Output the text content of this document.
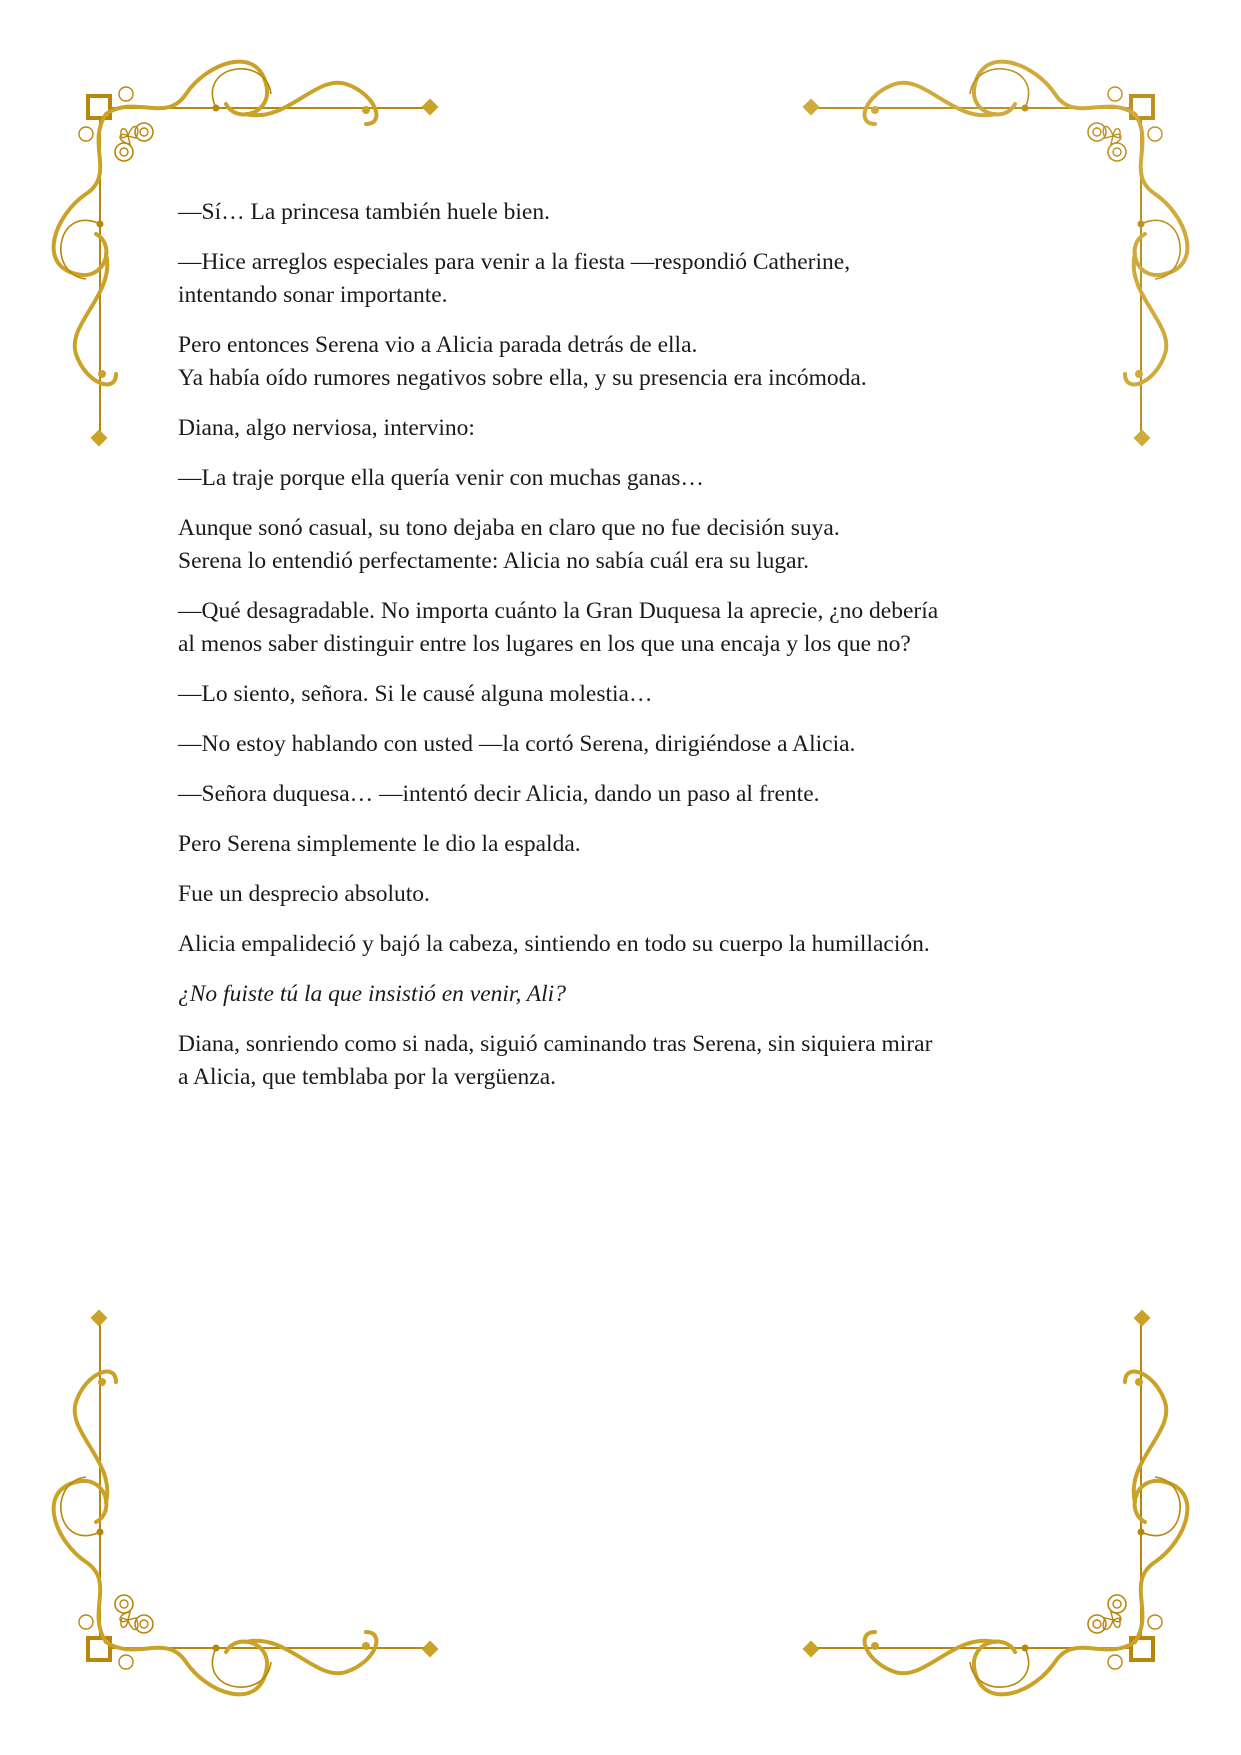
—Sí… La princesa también huele bien.

—Hice arreglos especiales para venir a la fiesta —respondió Catherine,
intentando sonar importante.

Pero entonces Serena vio a Alicia parada detrás de ella.
Ya había oído rumores negativos sobre ella, y su presencia era incómoda.

Diana, algo nerviosa, intervino:

—La traje porque ella quería venir con muchas ganas…

Aunque sonó casual, su tono dejaba en claro que no fue decisión suya.
Serena lo entendió perfectamente: Alicia no sabía cuál era su lugar.

—Qué desagradable. No importa cuánto la Gran Duquesa la aprecie, ¿no debería
al menos saber distinguir entre los lugares en los que una encaja y los que no?

—Lo siento, señora. Si le causé alguna molestia…

—No estoy hablando con usted —la cortó Serena, dirigiéndose a Alicia.

—Señora duquesa… —intentó decir Alicia, dando un paso al frente.

Pero Serena simplemente le dio la espalda.

Fue un desprecio absoluto.

Alicia empalideció y bajó la cabeza, sintiendo en todo su cuerpo la humillación.

¿No fuiste tú la que insistió en venir, Ali?

Diana, sonriendo como si nada, siguió caminando tras Serena, sin siquiera mirar
a Alicia, que temblaba por la vergüenza.
